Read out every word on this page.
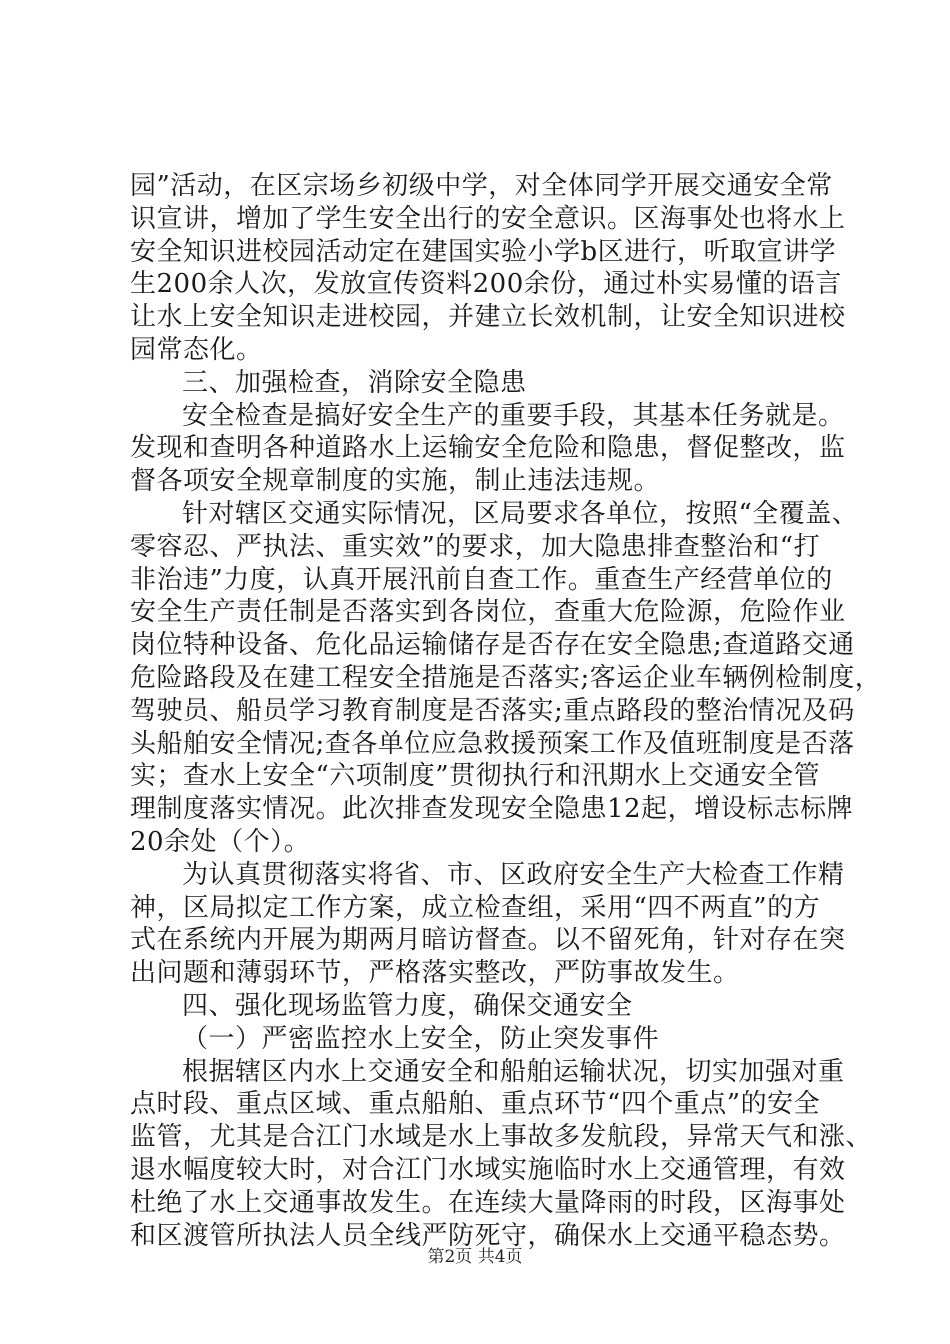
园”活动，在区宗场乡初级中学，对全体同学开展交通安全常
识宣讲，增加了学生安全出行的安全意识。区海事处也将水上
安全知识进校园活动定在建国实验小学b区进行，听取宣讲学
生200余人次，发放宣传资料200余份，通过朴实易懂的语言
让水上安全知识走进校园，并建立长效机制，让安全知识进校
园常态化。
三、加强检查，消除安全隐患
安全检查是搞好安全生产的重要手段，其基本任务就是。
发现和查明各种道路水上运输安全危险和隐患，督促整改，监
督各项安全规章制度的实施，制止违法违规。
针对辖区交通实际情况，区局要求各单位，按照“全覆盖、
零容忍、严执法、重实效”的要求，加大隐患排查整治和“打
非治违”力度，认真开展汛前自查工作。重查生产经营单位的
安全生产责任制是否落实到各岗位，查重大危险源，危险作业
岗位特种设备、危化品运输储存是否存在安全隐患;查道路交通
危险路段及在建工程安全措施是否落实;客运企业车辆例检制度，
驾驶员、船员学习教育制度是否落实;重点路段的整治情况及码
头船舶安全情况;查各单位应急救援预案工作及值班制度是否落
实；查水上安全“六项制度”贯彻执行和汛期水上交通安全管
理制度落实情况。此次排查发现安全隐患12起，增设标志标牌
20余处（个）。
为认真贯彻落实将省、市、区政府安全生产大检查工作精
神，区局拟定工作方案，成立检查组，采用“四不两直”的方
式在系统内开展为期两月暗访督查。以不留死角，针对存在突
出问题和薄弱环节，严格落实整改，严防事故发生。
四、强化现场监管力度，确保交通安全
（一）严密监控水上安全，防止突发事件
根据辖区内水上交通安全和船舶运输状况，切实加强对重
点时段、重点区域、重点船舶、重点环节“四个重点”的安全
监管，尤其是合江门水域是水上事故多发航段，异常天气和涨、
退水幅度较大时，对合江门水域实施临时水上交通管理，有效
杜绝了水上交通事故发生。在连续大量降雨的时段，区海事处
和区渡管所执法人员全线严防死守，确保水上交通平稳态势。
第2页 共4页
